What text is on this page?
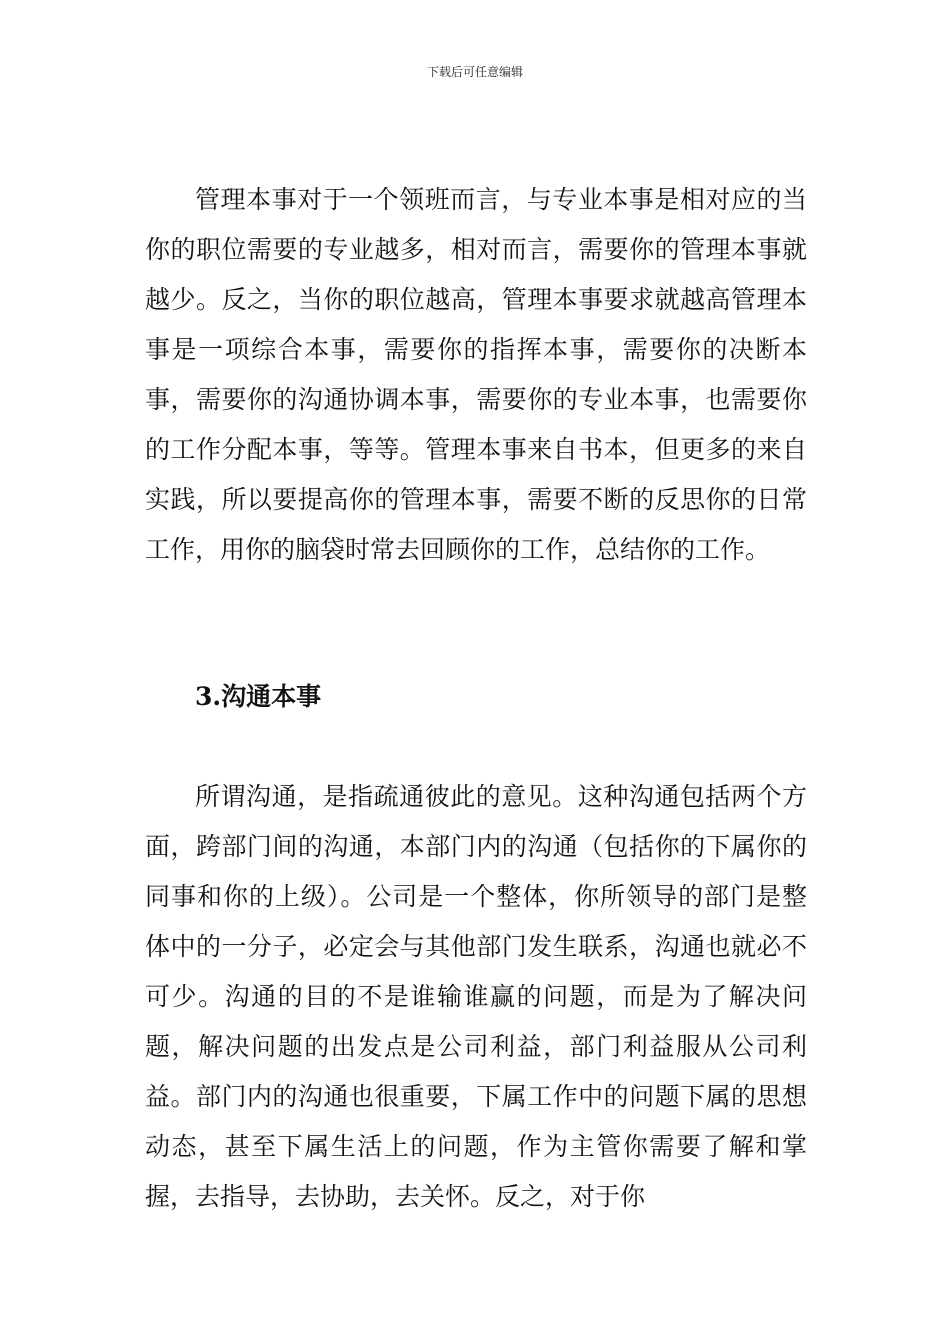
下载后可任意编辑

管理本事对于一个领班而言，与专业本事是相对应的当你的职位需要的专业越多，相对而言，需要你的管理本事就越少。反之，当你的职位越高，管理本事要求就越高管理本事是一项综合本事，需要你的指挥本事，需要你的决断本事，需要你的沟通协调本事，需要你的专业本事，也需要你的工作分配本事，等等。管理本事来自书本，但更多的来自实践，所以要提高你的管理本事，需要不断的反思你的日常工作，用你的脑袋时常去回顾你的工作，总结你的工作。

3.沟通本事

所谓沟通，是指疏通彼此的意见。这种沟通包括两个方面，跨部门间的沟通，本部门内的沟通（包括你的下属你的同事和你的上级）。公司是一个整体，你所领导的部门是整体中的一分子，必定会与其他部门发生联系，沟通也就必不可少。沟通的目的不是谁输谁赢的问题，而是为了解决问题，解决问题的出发点是公司利益，部门利益服从公司利益。部门内的沟通也很重要，下属工作中的问题下属的思想动态，甚至下属生活上的问题，作为主管你需要了解和掌握，去指导，去协助，去关怀。反之，对于你
